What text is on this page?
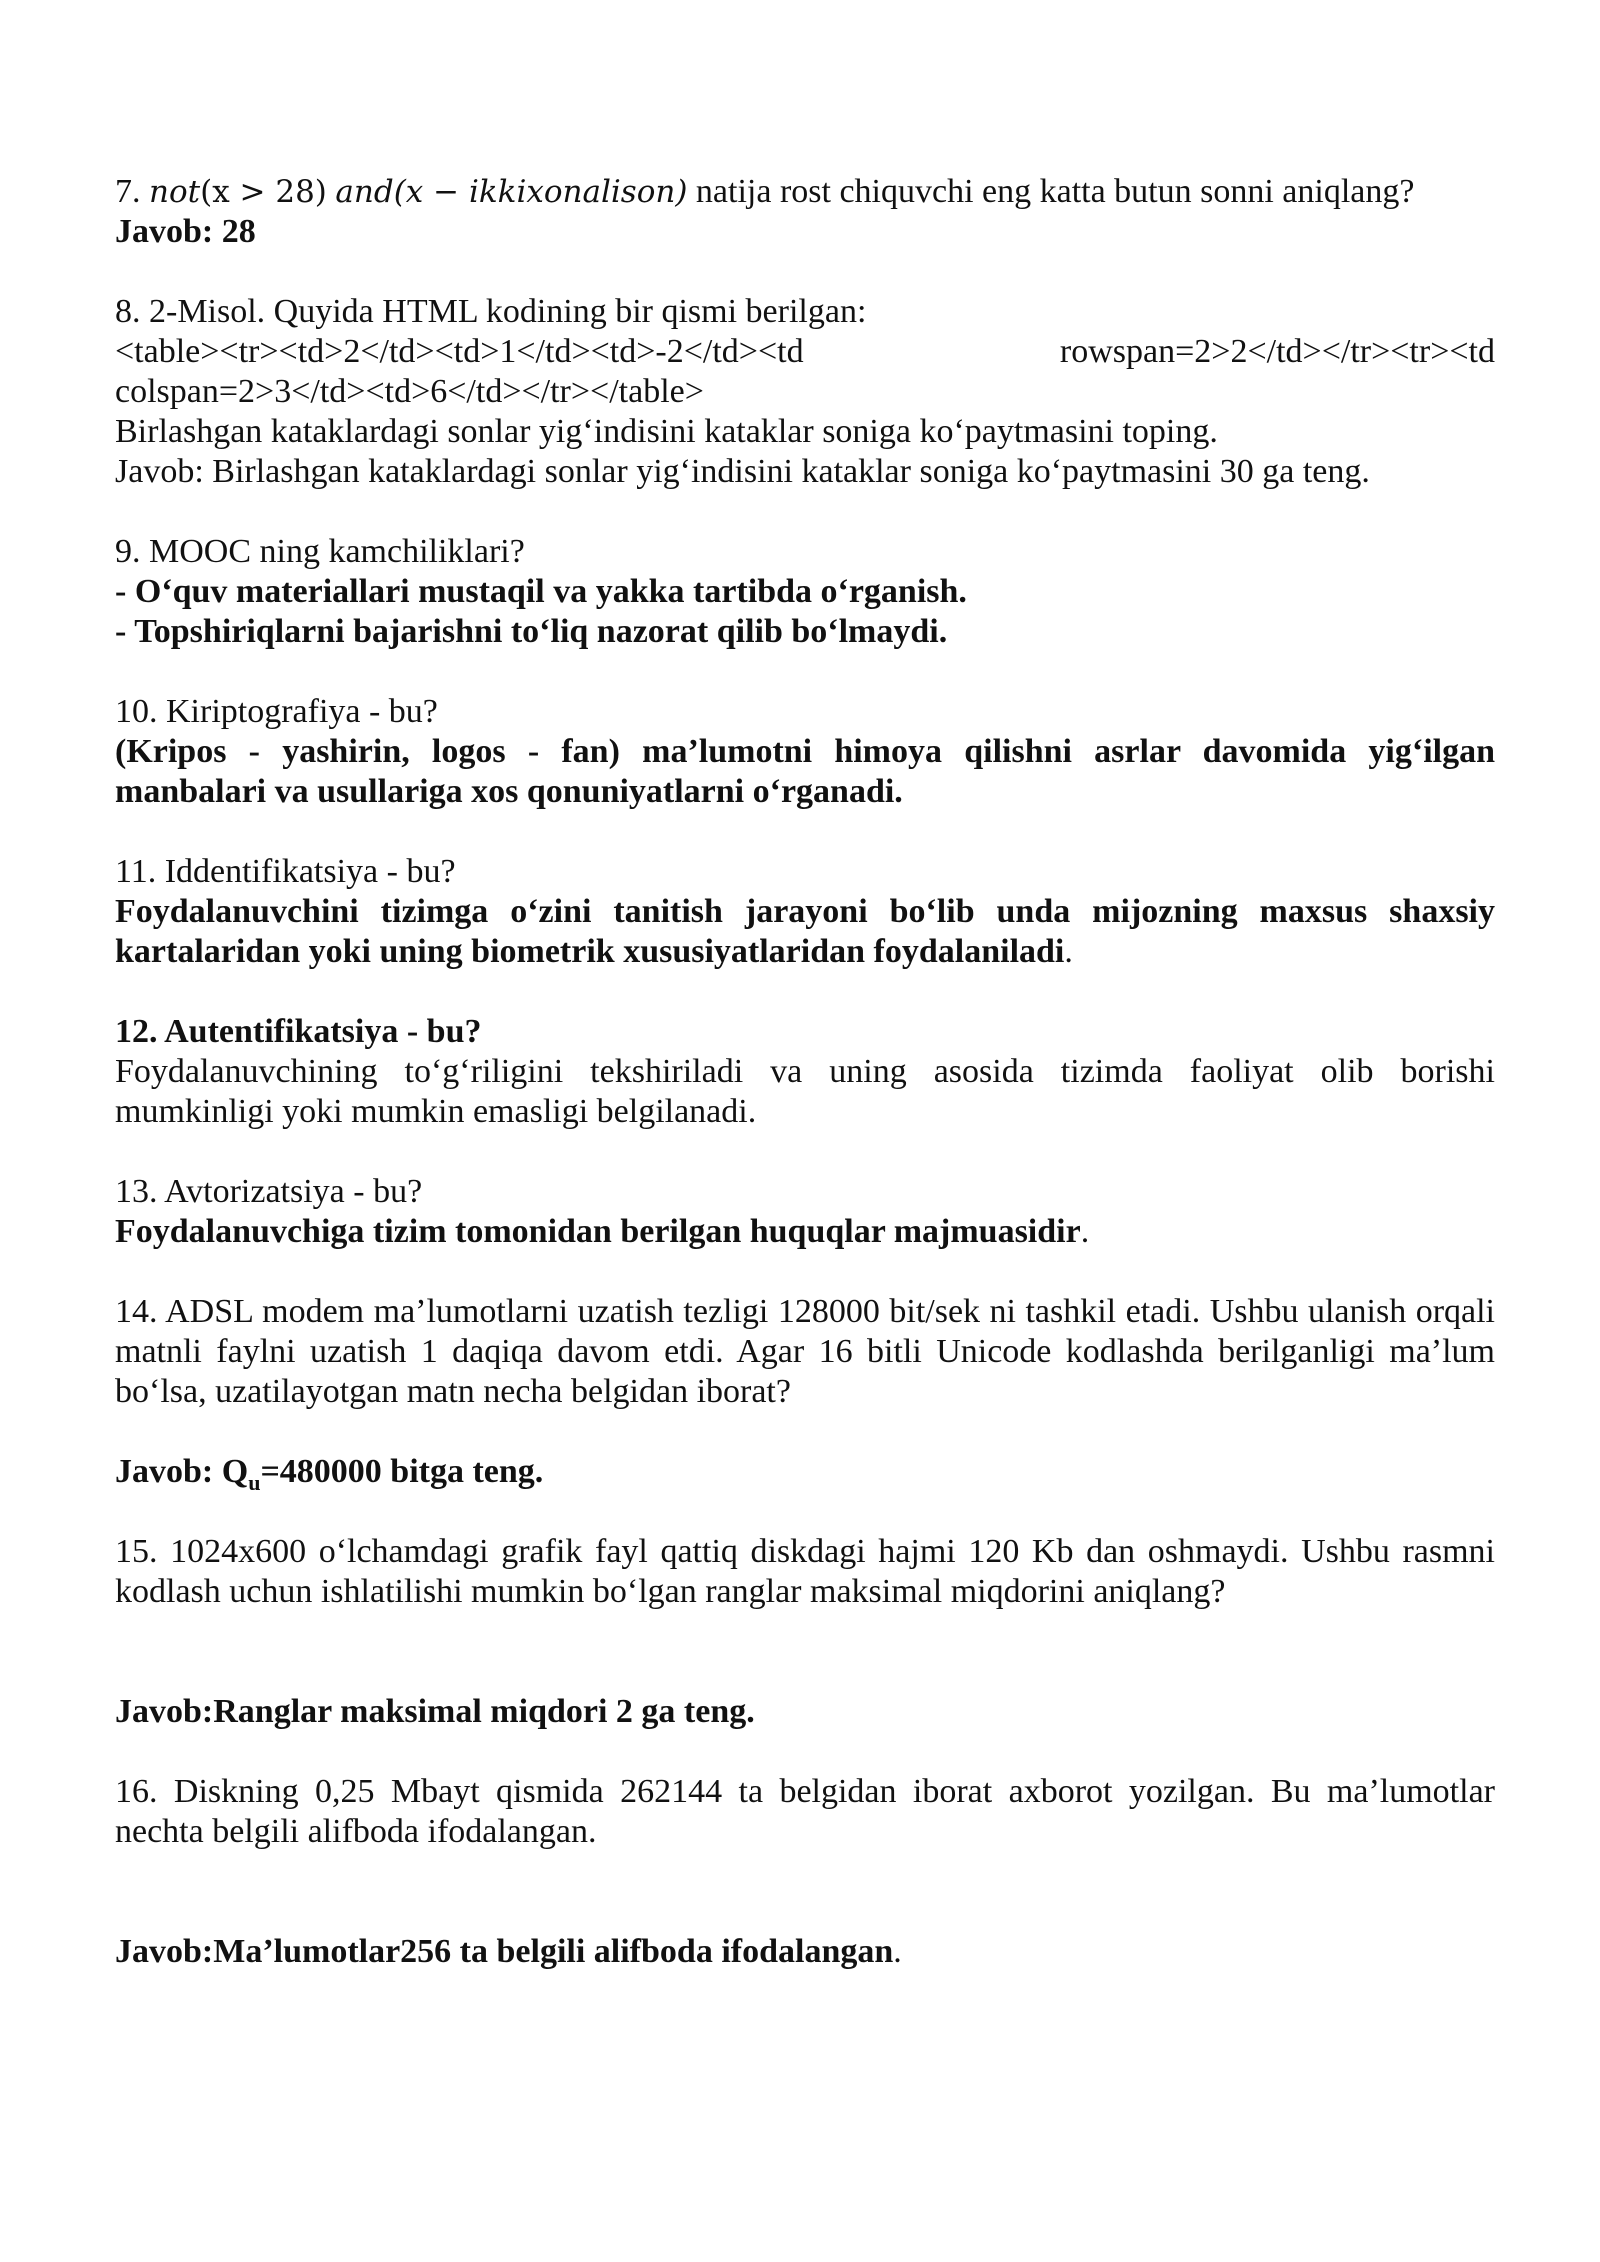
7. not(x > 28) and(x − ikkixonalison) natija rost chiquvchi eng katta butun sonni aniqlang?

Javob: 28

8. 2-Misol. Quyida HTML kodining bir qismi berilgan:

<table><tr><td>2</td><td>1</td><td>-2</td><td	rowspan=2>2</td></tr><tr><td

colspan=2>3</td><td>6</td></tr></table>

Birlashgan kataklardagi sonlar yig‘indisini kataklar soniga ko‘paytmasini toping.

Javob: Birlashgan kataklardagi sonlar yig‘indisini kataklar soniga ko‘paytmasini 30 ga teng.

9. MOOC ning kamchiliklari?

- O‘quv materiallari mustaqil va yakka tartibda o‘rganish.

- Topshiriqlarni bajarishni to‘liq nazorat qilib bo‘lmaydi.

10. Kiriptografiya - bu?

(Kripos - yashirin, logos - fan) ma’lumotni himoya qilishni asrlar davomida yig‘ilgan manbalari va usullariga xos qonuniyatlarni o‘rganadi.

11. Iddentifikatsiya - bu?

Foydalanuvchini tizimga o‘zini tanitish jarayoni bo‘lib unda mijozning maxsus shaxsiy kartalaridan yoki uning biometrik xususiyatlaridan foydalaniladi.

12. Autentifikatsiya - bu?

Foydalanuvchining to‘g‘riligini tekshiriladi va uning asosida tizimda faoliyat olib borishi mumkinligi yoki mumkin emasligi belgilanadi.

13. Avtorizatsiya - bu?

Foydalanuvchiga tizim tomonidan berilgan huquqlar majmuasidir.

14. ADSL modem ma’lumotlarni uzatish tezligi 128000 bit/sek ni tashkil etadi. Ushbu ulanish orqali matnli faylni uzatish 1 daqiqa davom etdi. Agar 16 bitli Unicode kodlashda berilganligi ma’lum bo‘lsa, uzatilayotgan matn necha belgidan iborat?

Javob: $Q_u=480000$ bitga teng.

15. 1024x600 o‘lchamdagi grafik fayl qattiq diskdagi hajmi 120 Kb dan oshmaydi. Ushbu rasmni kodlash uchun ishlatilishi mumkin bo‘lgan ranglar maksimal miqdorini aniqlang?

Javob:Ranglar maksimal miqdori 2 ga teng.

16. Diskning 0,25 Mbayt qismida 262144 ta belgidan iborat axborot yozilgan. Bu ma’lumotlar nechta belgili alifboda ifodalangan.

Javob:Ma’lumotlar256 ta belgili alifboda ifodalangan.
